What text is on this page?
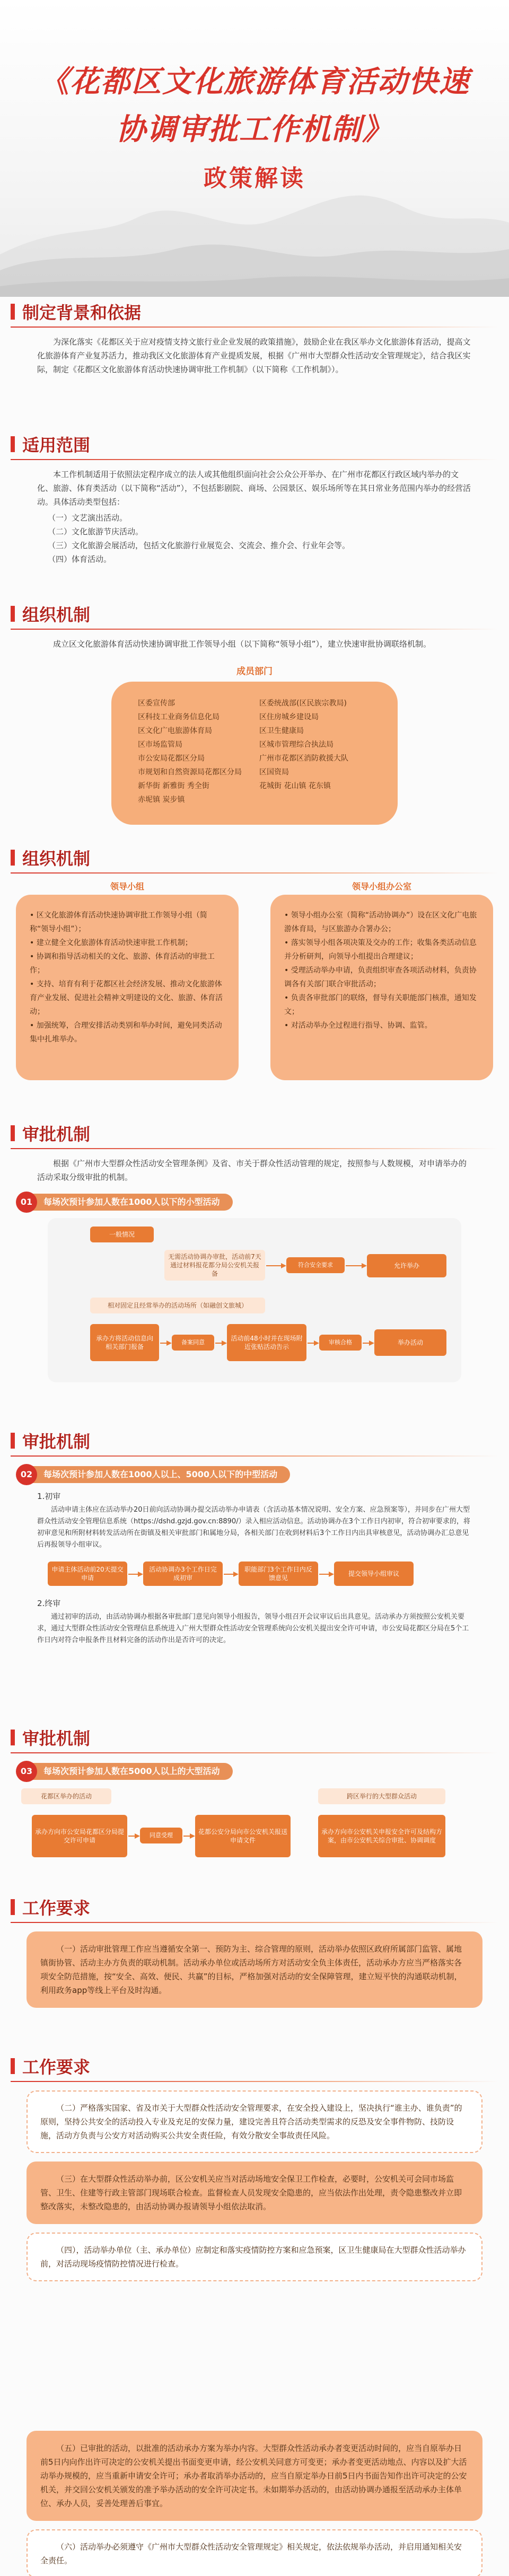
《花都区文化旅游体育活动快速
协调审批工作机制》
政策解读
制定背景和依据

为深化落实《花都区关于应对疫情支持文旅行业企业发展的政策措施》，鼓励企业在我区举办文化旅游体育活动，提高文化旅游体育产业复苏活力，推动我区文化旅游体育产业提质发展，根据《广州市大型群众性活动安全管理规定》，结合我区实际，制定《花都区文化旅游体育活动快速协调审批工作机制》（以下简称《工作机制》）。

适用范围

本工作机制适用于依照法定程序成立的法人或其他组织面向社会公众公开举办、在广州市花都区行政区域内举办的文化、旅游、体育类活动（以下简称“活动”），不包括影剧院、商场、公园景区、娱乐场所等在其日常业务范围内举办的经营活动。具体活动类型包括：

（一）文艺演出活动。
（二）文化旅游节庆活动。
（三）文化旅游会展活动，包括文化旅游行业展览会、交流会、推介会、行业年会等。
（四）体育活动。
组织机制

成立区文化旅游体育活动快速协调审批工作领导小组（以下简称“领导小组”），建立快速审批协调联络机制。

成员部门
区委宣传部	区委统战部(区民族宗教局)
区科技工业商务信息化局	区住房城乡建设局
区文化广电旅游体育局	区卫生健康局
区市场监管局	区城市管理综合执法局
市公安局花都区分局	广州市花都区消防救援大队
市规划和自然资源局花都区分局	区国资局
新华街 新雅街 秀全街	花城街 花山镇 花东镇
赤坭镇 炭步镇
组织机制
领导小组	领导小组办公室
• 区文化旅游体育活动快速协调审批工作领导小组（简称“领导小组”）；
• 建立健全文化旅游体育活动快速审批工作机制；
• 协调和指导活动相关的文化、旅游、体育活动的审批工作；
• 支持、培育有利于花都区社会经济发展、推动文化旅游体育产业发展、促进社会精神文明建设的文化、旅游、体育活动；
• 加强统筹，合理安排活动类别和举办时间，避免同类活动集中扎堆举办。
• 领导小组办公室（简称“活动协调办”）设在区文化广电旅游体育局，与区旅游办合署办公；
• 落实领导小组各项决策及交办的工作；收集各类活动信息并分析研判，向领导小组提出合理建议；
• 受理活动举办申请，负责组织审查各项活动材料，负责协调各有关部门联合审批活动；
• 负责各审批部门的联络，督导有关职能部门核准，通知发文；
• 对活动举办全过程进行指导、协调、监管。
审批机制

根据《广州市大型群众性活动安全管理条例》及省、市关于群众性活动管理的规定，按照参与人数规模，对申请举办的活动采取分级审批的机制。

每场次预计参加人数在1000人以下的小型活动
01
一般情况
无需活动协调办审批，活动前7天通过材料报花都分局公安机关报备
符合安全要求	允许举办
相对固定且经常举办的活动场所（如融创文旅城）
承办方将活动信息向相关部门报备
备案同意
活动前48小时并在现场附近张贴活动告示
审核合格	举办活动
审批机制
每场次预计参加人数在1000人以上、5000人以下的中型活动
02

1.初审

活动申请主体应在活动举办20日前向活动协调办提交活动举办申请表（含活动基本情况说明、安全方案、应急预案等），并同步在广州大型群众性活动安全管理信息系统（https://dshd.gzjd.gov.cn:8890/）录入相应活动信息。活动协调办在3个工作日内初审，符合初审要求的，将初审意见和所附材料转发活动所在街镇及相关审批部门和属地分局，各相关部门在收到材料后3个工作日内出具审核意见，活动协调办汇总意见后再报领导小组审议。

申请主体活动前20天提交申请
活动协调办3个工作日完成初审
职能部门3个工作日内反馈意见
提交领导小组审议

2.终审

通过初审的活动，由活动协调办根据各审批部门意见向领导小组报告，领导小组召开会议审议后出具意见。活动承办方须按照公安机关要求，通过大型群众性活动安全管理信息系统进入广州大型群众性活动安全管理系统向公安机关提出安全许可申请，市公安局花都区分局在5个工作日内对符合申报条件且材料完备的活动作出是否许可的决定。

审批机制
每场次预计参加人数在5000人以上的大型活动
03
花都区举办的活动
承办方向市公安局花都区分局提交许可申请
同意受理	花都公安分局向市公安机关报送申请文件
跨区举行的大型群众活动
承办方向市公安机关申报安全许可及结构方案，由市公安机关综合审批、协调调度
工作要求

（一）活动审批管理工作应当遵循安全第一、预防为主、综合管理的原则，活动举办依照区政府所属部门监管、属地镇街协管、活动主办方负责的联动机制。活动承办单位或活动场所方对活动安全负主体责任，活动承办方应当严格落实各项安全防范措施，按“安全、高效、便民、共赢”的目标，严格加强对活动的安全保障管理，建立短平快的沟通联动机制，利用政务app等线上平台及时沟通。

工作要求

（二）严格落实国家、省及市关于大型群众性活动安全管理要求，在安全投入建设上，坚决执行“谁主办、谁负责”的原则，坚持公共安全的活动投入专业及充足的安保力量，建设完善且符合活动类型需求的反恐及安全事件物防、技防设施，活动方负责与公安方对活动购买公共安全责任险，有效分散安全事故责任风险。

（三）在大型群众性活动举办前，区公安机关应当对活动场地安全保卫工作检查，必要时，公安机关可会同市场监管、卫生、住建等行政主管部门现场联合检查。监督检查人员发现安全隐患的，应当依法作出处理，责令隐患整改并立即整改落实，未整改隐患的，由活动协调办报请领导小组依法取消。

（四），活动举办单位（主、承办单位）应制定和落实疫情防控方案和应急预案，区卫生健康局在大型群众性活动举办前，对活动现场疫情防控情况进行检查。

（五）已审批的活动，以批准的活动承办方案为举办内容。大型群众性活动承办者变更活动时间的，应当自原举办日前5日内向作出许可决定的公安机关提出书面变更申请，经公安机关同意方可变更；承办者变更活动地点、内容以及扩大活动举办规模的，应当重新申请安全许可；承办者取消举办活动的，应当自原定举办日前5日内书面告知作出许可决定的公安机关，并交回公安机关颁发的准予举办活动的安全许可决定书。未如期举办活动的，由活动协调办通报至活动承办主体单位、承办人员，妥善处理善后事宜。

（六）活动举办必须遵守《广州市大型群众性活动安全管理规定》相关规定，依法依规举办活动，并启用通知相关安全责任。
